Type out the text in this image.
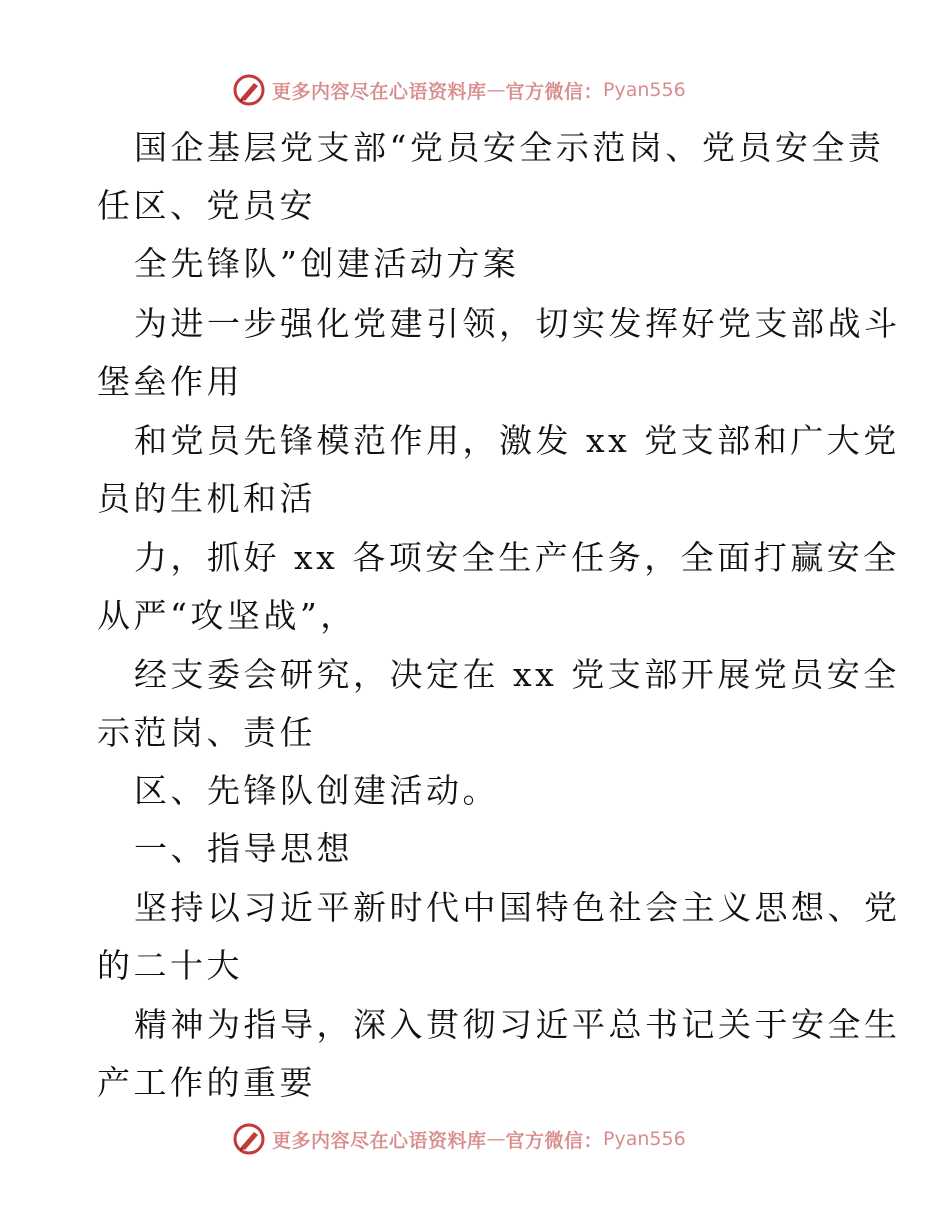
更多内容尽在心语资料库 — 官方微信： Pyan556
国企基层党支部“党员安全示范岗、党员安全责
任区、党员安
全先锋队”创建活动方案
为进一步强化党建引领，切实发挥好党支部战斗
堡垒作用
和党员先锋模范作用，激发 xx 党支部和广大党
员的生机和活
力，抓好 xx 各项安全生产任务，全面打赢安全
从严“攻坚战”，
经支委会研究，决定在 xx 党支部开展党员安全
示范岗、责任
区、先锋队创建活动。
一、指导思想
坚持以习近平新时代中国特色社会主义思想、党
的二十大
精神为指导，深入贯彻习近平总书记关于安全生
产工作的重要
更多内容尽在心语资料库 — 官方微信： Pyan556
